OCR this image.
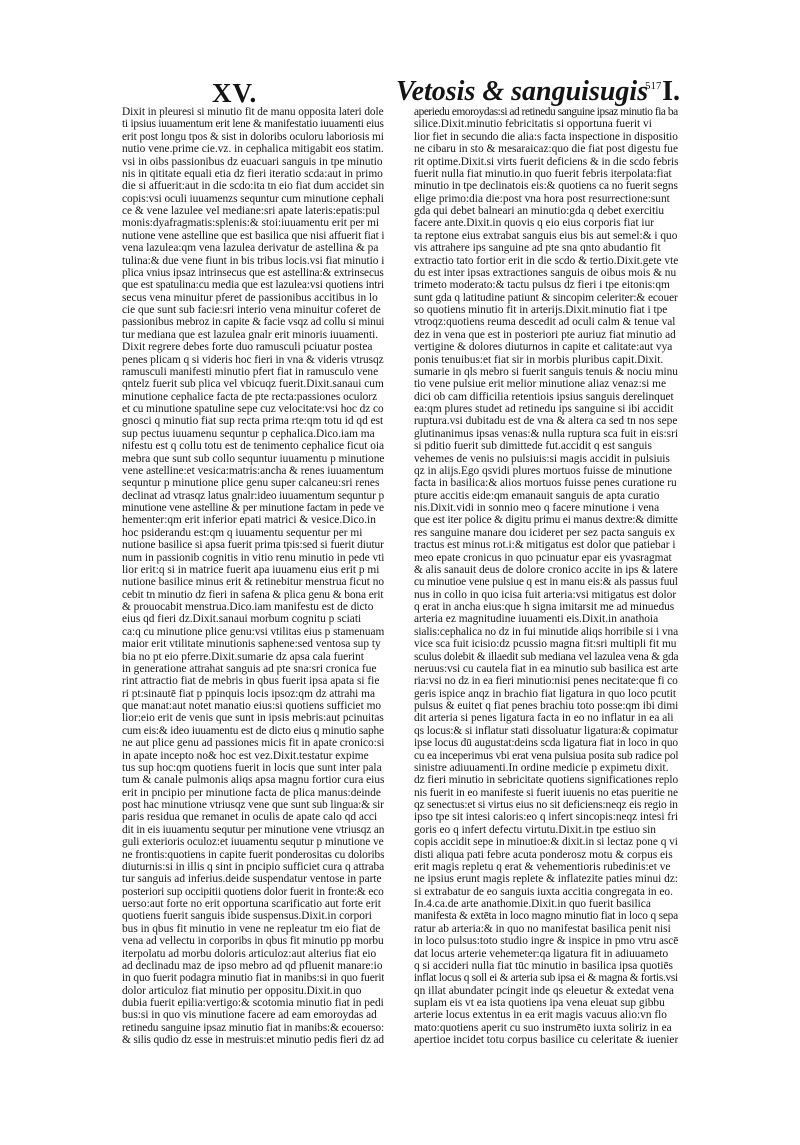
XV.	Vetosis & sanguisugis I.
517
Dixit in pleuresi si minutio fit de manu opposita lateri dole
ti ipsius iuuamentum erit lene & manifestatio iuuamenti eius
erit post longu tpos & sist in doloribs oculoru laboriosis mi
nutio vene.prime cie.vz. in cephalica mitigabit eos statim.
vsi in oibs passionibus dz euacuari sanguis in tpe minutio
nis in qititate equali etia dz fieri iteratio scda:aut in primo
die si affuerit:aut in die scdo:ita tn eio fiat dum accidet sin
copis:vsi oculi iuuamenzs sequntur cum minutione cephali
ce & vene lazulee vel mediane:sri apate lateris:epatis:pul
monis:dyafragmatis:splenis:& stoi:iuuamentu erit per mi
nutione vene astelline que est basilica que nisi affuerit fiat i
vena lazulea:qm vena lazulea derivatur de astellina & pa
tulina:& due vene fiunt in bis tribus locis.vsi fiat minutio i
plica vnius ipsaz intrinsecus que est astellina:& extrinsecus
que est spatulina:cu media que est lazulea:vsi quotiens intri
secus vena minuitur pferet de passionibus accitibus in lo
cie que sunt sub facie:sri interio vena minuitur coferet de
passionibus mebroz in capite & facie vsqz ad collu si minui
tur mediana que est lazulea gnalr erit minoris iuuamenti.
Dixit regrere debes forte duo ramusculi pciuatur postea
penes plicam q si videris hoc fieri in vna & videris vtrusqz
ramusculi manifesti minutio pfert fiat in ramusculo vene
qntelz fuerit sub plica vel vbicuqz fuerit.Dixit.sanaui cum
minutione cephalice facta de pte recta:passiones oculorz
et cu minutione spatuline sepe cuz velocitate:vsi hoc dz co
gnosci q minutio fiat sup recta prima rte:qm totu id qd est
sup pectus iuuamenu sequntur p cephalica.Dico.iam ma
nifestu est q collu totu est de tenimento cephalice ficut oia
mebra que sunt sub collo sequntur iuuamentu p minutione
vene astelline:et vesica:matris:ancha & renes iuuamentum
sequntur p minutione plice genu super calcaneu:sri renes
declinat ad vtrasqz latus gnalr:ideo iuuamentum sequntur p
minutione vene astelline & per minutione factam in pede ve
hementer:qm erit inferior epati matrici & vesice.Dico.in
hoc psiderandu est:qm q iuuamentu sequentur per mi
nutione basilice si apsa fuerit prima tpis:sed si fuerit diutur
num in passionib cognitis in vitio renu minutio in pede vti
lior erit:q si in matrice fuerit apa iuuamenu eius erit p mi
nutione basilice minus erit & retinebitur menstrua ficut no
cebit tn minutio dz fieri in safena & plica genu & bona erit
& prouocabit menstrua.Dico.iam manifestu est de dicto
eius qd fieri dz.Dixit.sanaui morbum cognitu p sciati
ca:q cu minutione plice genu:vsi vtilitas eius p stamenuam
maior erit vtilitate minutionis saphene:sed ventosa sup ty
bia no pt eio pferre.Dixit.sumarie dz apsa cala fuerint
in generatione attrahat sanguis ad pte sna:sri cronica fue
rint attractio fiat de mebris in qbus fuerit ipsa apata si fie
ri pt:sinautē fiat p ppinquis locis ipsoz:qm dz attrahi ma
que manat:aut notet manatio eius:si quotiens sufficiet mo
lior:eio erit de venis que sunt in ipsis mebris:aut pcinuitas
cum eis:& ideo iuuamentu est de dicto eius q minutio saphe
ne aut plice genu ad passiones micis fit in apate cronico:si
in apate incepto no& hoc est vez.Dixit.testatur expime
tus sup hoc:qm quotiens fuerit in locis que sunt inter pala
tum & canale pulmonis aliqs apsa magnu fortior cura eius
erit in pncipio per minutione facta de plica manus:deinde
post hac minutione vtriusqz vene que sunt sub lingua:& sir
paris residua que remanet in oculis de apate calo qd acci
dit in eis iuuamentu sequtur per minutione vene vtriusqz an
guli exterioris oculoz:et iuuamentu sequtur p minutione ve
ne frontis:quotiens in capite fuerit ponderositas cu doloribs
diuturnis:si in illis q sint in pncipio sufficiet cura q attraba
tur sanguis ad inferius.deide suspendatur ventose in parte
posteriori sup occipitii quotiens dolor fuerit in fronte:& eco
uerso:aut forte no erit opportuna scarificatio aut forte erit
quotiens fuerit sanguis ibide suspensus.Dixit.in corpori
bus in qbus fit minutio in vene ne repleatur tm eio fiat de
vena ad vellectu in corporibs in qbus fit minutio pp morbu
iterpolatu ad morbu doloris articuloz:aut alterius fiat eio
ad declinadu maz de ipso mebro ad qd pfluenit manare:io
in quo fuerit podagra minutio fiat in manibs:si in quo fuerit
dolor articuloz fiat minutio per oppositu.Dixit.in quo
dubia fuerit epilia:vertigo:& scotomia minutio fiat in pedi
bus:si in quo vis minutione facere ad eam emoroydas ad
retinedu sanguine ipsaz minutio fiat in manibs:& ecouerso:
& silis qudio dz esse in mestruis:et minutio pedis fieri dz ad
aperiedu emoroydas:si ad retinedu sanguine ipsaz minutio fia ba
silice.Dixit.minutio febricitatis si opportuna fuerit vi
lior fiet in secundo die alia:s facta inspectione in dispositio
ne cibaru in sto & mesaraicaz:quo die fiat post digestu fue
rit optime.Dixit.si virts fuerit deficiens & in die scdo febris
fuerit nulla fiat minutio.in quo fuerit febris iterpolata:fiat
minutio in tpe declinatois eis:& quotiens ca no fuerit segns
elige primo:dia die:post vna hora post resurrectione:sunt
gda qui debet balneari an minutio:gda q debet exercitiu
facere ante.Dixit.in quovis q eio eius corporis fiat iur
ta reptone eius extrabat sanguis eius bis aut semel:& i quo
vis attrahere ips sanguine ad pte sna qnto abudantio fit
extractio tato fortior erit in die scdo & tertio.Dixit.gete vte
du est inter ipsas extractiones sanguis de oibus mois & nu
trimeto moderato:& tactu pulsus dz fieri i tpe eitonis:qm
sunt gda q latitudine patiunt & sincopim celeriter:& ecouer
so quotiens minutio fit in arterijs.Dixit.minutio fiat i tpe
vtroqz:quotiens reuma descedit ad oculi calm & tenue val
dez in vena que est in posteriori pte auriuz fiat minutio ad
vertigine & dolores diuturnos in capite et calitate:aut vya
ponis tenuibus:et fiat sir in morbis pluribus capit.Dixit.
sumarie in qls mebro si fuerit sanguis tenuis & nociu minu
tio vene pulsiue erit melior minutione aliaz venaz:si me
dici ob cam difficilia retentiois ipsius sanguis derelinquet
ea:qm plures studet ad retinedu ips sanguine si ibi accidit
ruptura.vsi dubitadu est de vna & altera ca sed tn nos sepe
glutinanimus ipsas venas:& nulla ruptura sca fuit in eis:sri
si pditio fuerit sub dimittede fut.accidit q est sanguis
vehemes de venis no pulsiuis:si magis accidit in pulsiuis
qz in alijs.Ego qsvidi plures mortuos fuisse de minutione
facta in basilica:& alios mortuos fuisse penes curatione ru
pture accitis eide:qm emanauit sanguis de apta curatio
nis.Dixit.vidi in sonnio meo q facere minutione i vena
que est iter police & digitu primu ei manus dextre:& dimitte
res sanguine manare dou icideret per sez pacta sanguis ex
tractus est minus rot.i:& mitigatus est dolor que patiebar i
meo epate cronicus in quo pcinuatur epar eis yvasragmat
& alis sanauit deus de dolore cronico accite in ips & latere
cu minutioe vene pulsiue q est in manu eis:& als passus fuul
nus in collo in quo icisa fuit arteria:vsi mitigatus est dolor
q erat in ancha eius:que h signa imitarsit me ad minuedus
arteria ez magnitudine iuuamenti eis.Dixit.in anathoia
sialis:cephalica no dz in fui minutide aliqs horribile si i vna
vice sca fuit icisio:dz pcussio magna fit:sri multipli fit mu
sculus dolebit & illaedit sub mediana vel lazulea vena & gda
neruus:vsi cu cautela fiat in ea minutio sub basilica est arte
ria:vsi no dz in ea fieri minutio:nisi penes necitate:que fi co
geris ispice anqz in brachio fiat ligatura in quo loco pcutit
pulsus & euitet q fiat penes brachiu toto posse:qm ibi dimi
dit arteria si penes ligatura facta in eo no inflatur in ea ali
qs locus:& si inflatur stati dissoluatur ligatura:& copimatur
ipse locus dū augustat:deins scda ligatura fiat in loco in quo
cu ea inceperimus vbi erat vena pulsiua posita sub radice pol
sinistre adiuuamenti.In ordine medicie p expimetu dixit.
dz fieri minutio in sebricitate quotiens significationes replo
nis fuerit in eo manifeste si fuerit iuuenis no etas pueritie ne
qz senectus:et si virtus eius no sit deficiens:neqz eis regio in
ipso tpe sit intesi caloris:eo q infert sincopis:neqz intesi fri
goris eo q infert defectu virtutu.Dixit.in tpe estiuo sin
copis accidit sepe in minutioe:& dixit.in si lectaz pone q vi
disti aliqua pati febre acuta ponderosz motu & corpus eis
erit magis repletu q erat & vehementioris rubedinis:et ve
ne ipsius erunt magis replete & inflatezite paties minui dz:
si extrabatur de eo sanguis iuxta accitia congregata in eo.
In.4.ca.de arte anathomie.Dixit.in quo fuerit basilica
manifesta & extēta in loco magno minutio fiat in loco q sepa
ratur ab arteria:& in quo no manifestat basilica penit nisi
in loco pulsus:toto studio ingre & inspice in pmo vtru ascē
dat locus arterie vehemeter:qa ligatura fit in adiuuameto
q si accideri nulla fiat tūc minutio in basilica ipsa quotiēs
inflat locus q soll ei & arteria sub ipsa ei & magna & fortis.vsi
qn illat abundater pcingit inde qs eleuetur & extedat vena
suplam eis vt ea ista quotiens ipa vena eleuat sup gibbu
arterie locus extentus in ea erit magis vacuus alio:vn flo
mato:quotiens aperit cu suo instrumēto iuxta soliriz in ea
apertioe incidet totu corpus basilice cu celeritate & iuenier
